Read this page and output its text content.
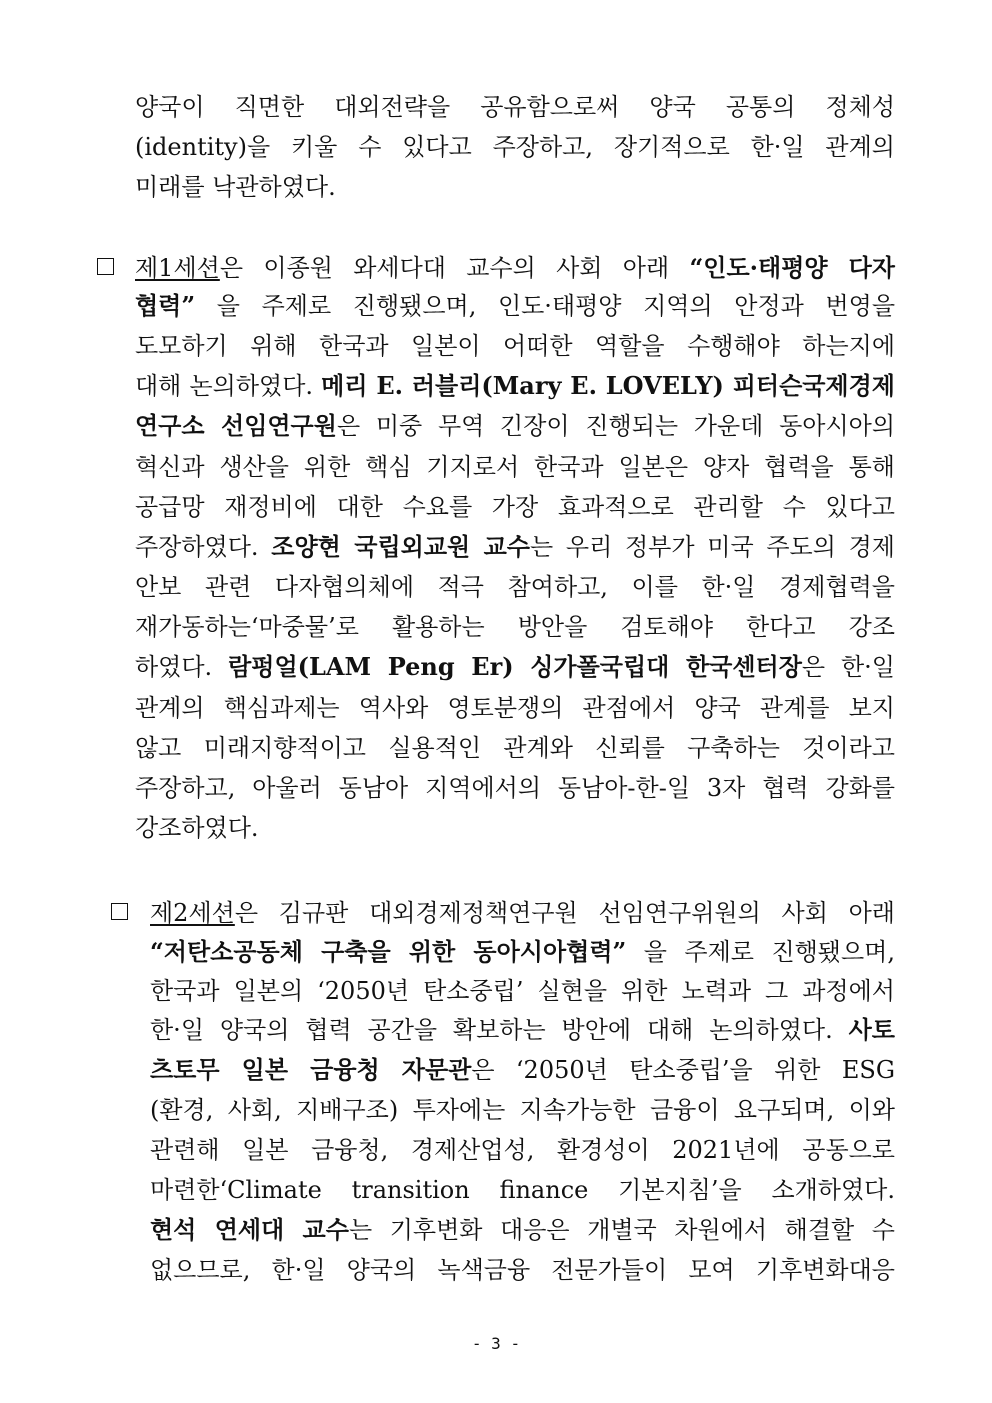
양국이 직면한 대외전략을 공유함으로써 양국 공통의 정체성
(identity)을 키울 수 있다고 주장하고, 장기적으로 한·일 관계의
미래를 낙관하였다.
제1세션은 이종원 와세다대 교수의 사회 아래 “인도·태평양 다자
협력” 을 주제로 진행됐으며, 인도·태평양 지역의 안정과 번영을
도모하기 위해 한국과 일본이 어떠한 역할을 수행해야 하는지에
대해 논의하였다. 메리 E. 러블리(Mary E. LOVELY) 피터슨국제경제
연구소 선임연구원은 미중 무역 긴장이 진행되는 가운데 동아시아의
혁신과 생산을 위한 핵심 기지로서 한국과 일본은 양자 협력을 통해
공급망 재정비에 대한 수요를 가장 효과적으로 관리할 수 있다고
주장하였다. 조양현 국립외교원 교수는 우리 정부가 미국 주도의 경제
안보 관련 다자협의체에 적극 참여하고, 이를 한·일 경제협력을
재가동하는‘마중물’로 활용하는 방안을 검토해야 한다고 강조
하였다. 람펑얼(LAM Peng Er) 싱가폴국립대 한국센터장은 한·일
관계의 핵심과제는 역사와 영토분쟁의 관점에서 양국 관계를 보지
않고 미래지향적이고 실용적인 관계와 신뢰를 구축하는 것이라고
주장하고, 아울러 동남아 지역에서의 동남아-한-일 3자 협력 강화를
강조하였다.
제2세션은 김규판 대외경제정책연구원 선임연구위원의 사회 아래
“저탄소공동체 구축을 위한 동아시아협력” 을 주제로 진행됐으며,
한국과 일본의 ‘2050년 탄소중립’ 실현을 위한 노력과 그 과정에서
한·일 양국의 협력 공간을 확보하는 방안에 대해 논의하였다. 사토
츠토무 일본 금융청 자문관은 ‘2050년 탄소중립’을 위한 ESG
(환경, 사회, 지배구조) 투자에는 지속가능한 금융이 요구되며, 이와
관련해 일본 금융청, 경제산업성, 환경성이 2021년에 공동으로
마련한‘Climate transition finance 기본지침’을 소개하였다.
현석 연세대 교수는 기후변화 대응은 개별국 차원에서 해결할 수
없으므로, 한·일 양국의 녹색금융 전문가들이 모여 기후변화대응
- 3 -
